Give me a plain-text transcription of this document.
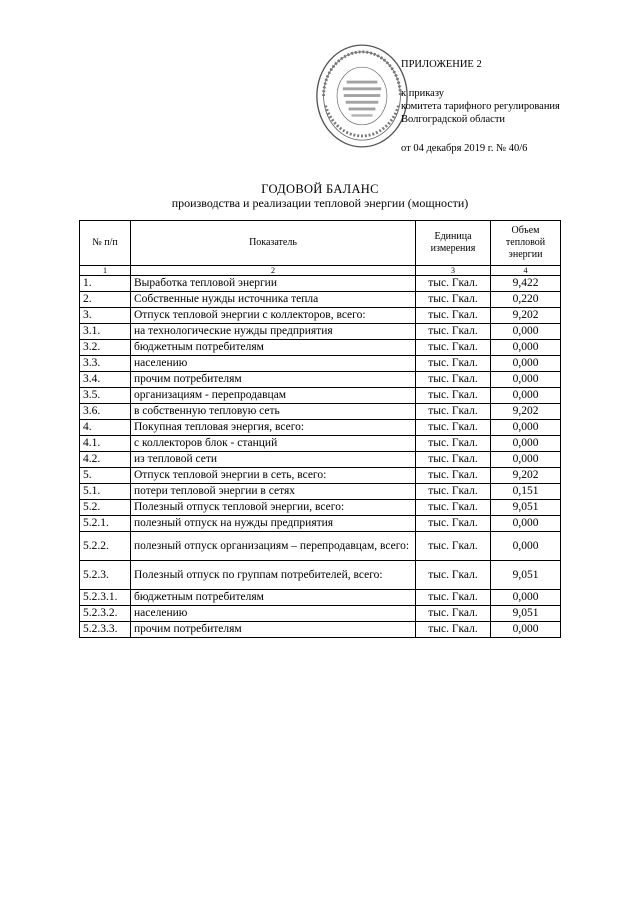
ПРИЛОЖЕНИЕ 2
к приказу
комитета тарифного регулирования
Волгоградской области
от 04 декабря 2019 г. № 40/6
ГОДОВОЙ БАЛАНС
производства и реализации тепловой энергии (мощности)
№ п/п	Показатель	Единица измерения	Объем тепловой энергии
1	2	3	4
1.	Выработка тепловой энергии	тыс. Гкал.	9,422
2.	Собственные нужды источника тепла	тыс. Гкал.	0,220
3.	Отпуск тепловой энергии с коллекторов, всего:	тыс. Гкал.	9,202
3.1.	на технологические нужды предприятия	тыс. Гкал.	0,000
3.2.	бюджетным потребителям	тыс. Гкал.	0,000
3.3.	населению	тыс. Гкал.	0,000
3.4.	прочим потребителям	тыс. Гкал.	0,000
3.5.	организациям - перепродавцам	тыс. Гкал.	0,000
3.6.	в собственную тепловую сеть	тыс. Гкал.	9,202
4.	Покупная тепловая энергия, всего:	тыс. Гкал.	0,000
4.1.	с коллекторов блок - станций	тыс. Гкал.	0,000
4.2.	из тепловой сети	тыс. Гкал.	0,000
5.	Отпуск тепловой энергии в сеть, всего:	тыс. Гкал.	9,202
5.1.	потери тепловой энергии в сетях	тыс. Гкал.	0,151
5.2.	Полезный отпуск тепловой энергии, всего:	тыс. Гкал.	9,051
5.2.1.	полезный отпуск на нужды предприятия	тыс. Гкал.	0,000
5.2.2.	полезный отпуск организациям – перепродавцам, всего:	тыс. Гкал.	0,000
5.2.3.	Полезный отпуск по группам потребителей, всего:	тыс. Гкал.	9,051
5.2.3.1.	бюджетным потребителям	тыс. Гкал.	0,000
5.2.3.2.	населению	тыс. Гкал.	9,051
5.2.3.3.	прочим потребителям	тыс. Гкал.	0,000
